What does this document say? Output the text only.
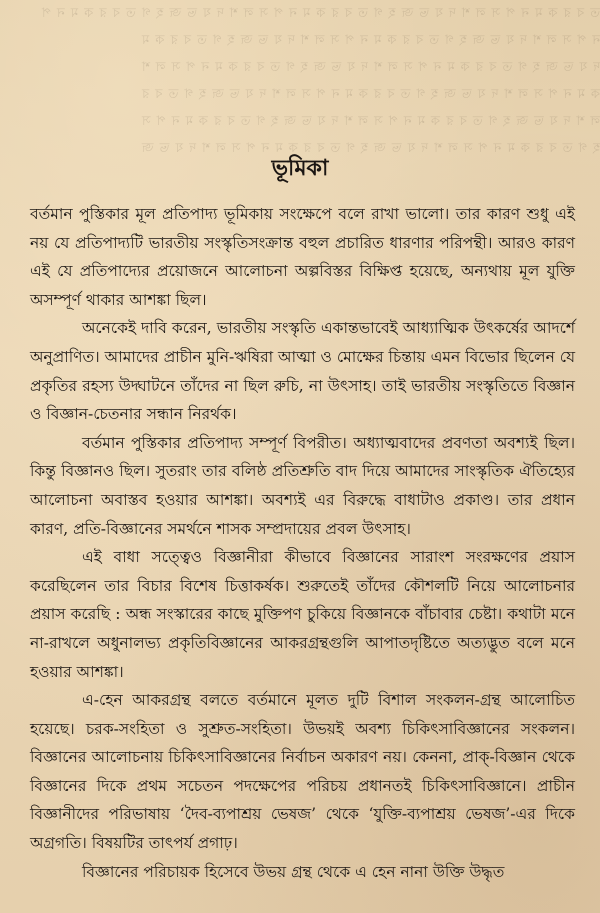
ত ব র ক ম ন প স ল শ দ য ভ জ হ গ ত ব র ক ম ন প স ল শ দ য ভ জ হ গ ত ব র ক ম ন প
ন প স ল শ দ য ভ জ হ গ ত ব র ক ম ন প স ল শ দ য ভ জ হ গ ত ব র ক ম
দ য ভ জ হ গ ত ব র ক ম ন প স ল শ দ য ভ জ হ গ ত ব র ক ম ন প স ল শ
ক ম ন প স ল শ দ য ভ জ হ গ ত ব র ক ম ন প স ল শ দ য ভ জ হ গ ত ব র
ল শ দ য ভ জ হ গ ত ব র ক ম ন প স ল শ দ য ভ জ হ গ ত ব র ক ম ন প স
হ গ ত ব র ক ম ন প স ল শ দ য ভ জ হ গ ত ব র ক ম ন প স ল শ দ য ভ জ
ভূমিকা

বর্তমান পুস্তিকার মূল প্রতিপাদ্য ভূমিকায় সংক্ষেপে বলে রাখা ভালো। তার কারণ শুধু এই নয় যে প্রতিপাদ্যটি ভারতীয় সংস্কৃতিসংক্রান্ত বহুল প্রচারিত ধারণার পরিপন্থী। আরও কারণ এই যে প্রতিপাদ্যের প্রয়োজনে আলোচনা অল্পবিস্তর বিক্ষিপ্ত হয়েছে, অন্যথায় মূল যুক্তি অসম্পূর্ণ থাকার আশঙ্কা ছিল।

অনেকেই দাবি করেন, ভারতীয় সংস্কৃতি একান্তভাবেই আধ্যাত্মিক উৎকর্ষের আদর্শে অনুপ্রাণিত। আমাদের প্রাচীন মুনি-ঋষিরা আত্মা ও মোক্ষের চিন্তায় এমন বিভোর ছিলেন যে প্রকৃতির রহস্য উদ্ঘাটনে তাঁদের না ছিল রুচি, না উৎসাহ। তাই ভারতীয় সংস্কৃতিতে বিজ্ঞান ও বিজ্ঞান-চেতনার সন্ধান নিরর্থক।

বর্তমান পুস্তিকার প্রতিপাদ্য সম্পূর্ণ বিপরীত। অধ্যাত্মবাদের প্রবণতা অবশ্যই ছিল। কিন্তু বিজ্ঞানও ছিল। সুতরাং তার বলিষ্ঠ প্রতিশ্রুতি বাদ দিয়ে আমাদের সাংস্কৃতিক ঐতিহ্যের আলোচনা অবাস্তব হওয়ার আশঙ্কা। অবশ্যই এর বিরুদ্ধে বাধাটাও প্রকাণ্ড। তার প্রধান কারণ, প্রতি-বিজ্ঞানের সমর্থনে শাসক সম্প্রদায়ের প্রবল উৎসাহ।

এই বাধা সত্ত্বেও বিজ্ঞানীরা কীভাবে বিজ্ঞানের সারাংশ সংরক্ষণের প্রয়াস করেছিলেন তার বিচার বিশেষ চিত্তাকর্ষক। শুরুতেই তাঁদের কৌশলটি নিয়ে আলোচনার প্রয়াস করেছি : অন্ধ সংস্কারের কাছে মুক্তিপণ চুকিয়ে বিজ্ঞানকে বাঁচাবার চেষ্টা। কথাটা মনে না-রাখলে অধুনালভ্য প্রকৃতিবিজ্ঞানের আকরগ্রন্থগুলি আপাতদৃষ্টিতে অত্যদ্ভুত বলে মনে হওয়ার আশঙ্কা।

এ-হেন আকরগ্রন্থ বলতে বর্তমানে মূলত দুটি বিশাল সংকলন-গ্রন্থ আলোচিত হয়েছে। চরক-সংহিতা ও সুশ্রুত-সংহিতা। উভয়ই অবশ্য চিকিৎসাবিজ্ঞানের সংকলন। বিজ্ঞানের আলোচনায় চিকিৎসাবিজ্ঞানের নির্বাচন অকারণ নয়। কেননা, প্রাক্‌-বিজ্ঞান থেকে বিজ্ঞানের দিকে প্রথম সচেতন পদক্ষেপের পরিচয় প্রধানতই চিকিৎসাবিজ্ঞানে। প্রাচীন বিজ্ঞানীদের পরিভাষায় ‘দৈব-ব্যপাশ্রয় ভেষজ’ থেকে ‘যুক্তি-ব্যপাশ্রয় ভেষজ’-এর দিকে অগ্রগতি। বিষয়টির তাৎপর্য প্রগাঢ়।

বিজ্ঞানের পরিচায়ক হিসেবে উভয় গ্রন্থ থেকে এ হেন নানা উক্তি উদ্ধৃত
